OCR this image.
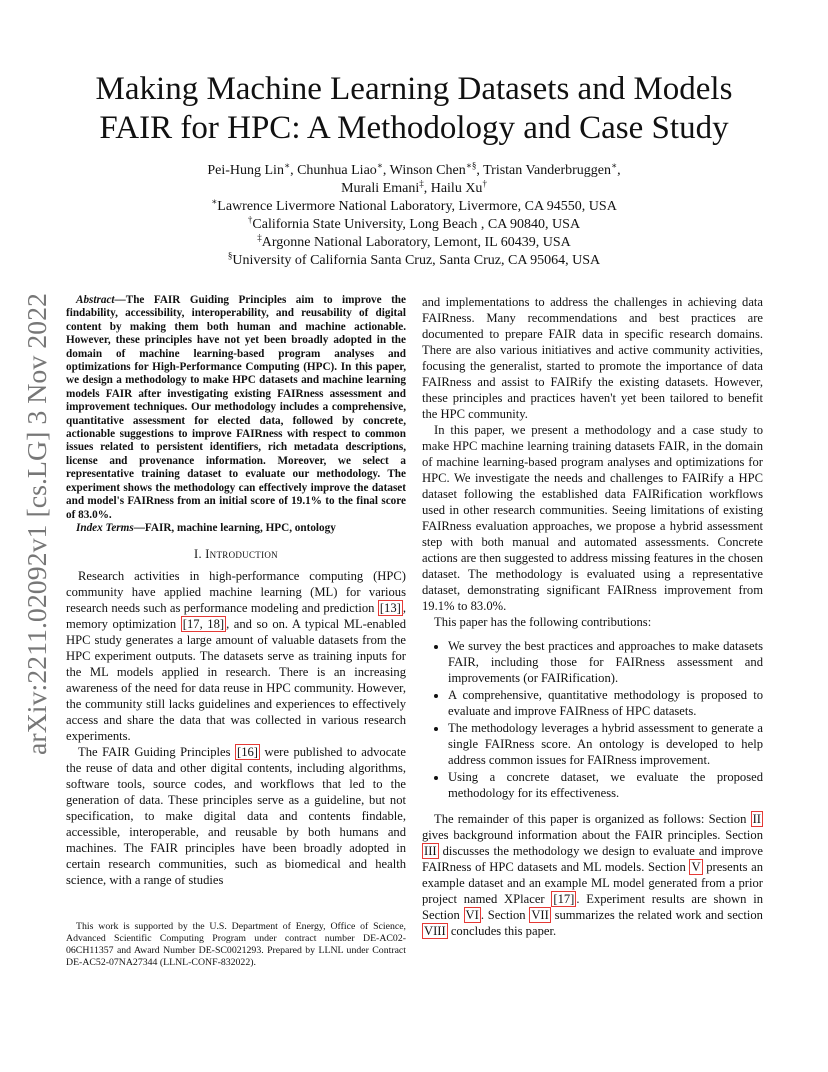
arXiv:2211.02092v1 [cs.LG] 3 Nov 2022
Making Machine Learning Datasets and Models
FAIR for HPC: A Methodology and Case Study
Pei-Hung Lin∗, Chunhua Liao∗, Winson Chen∗§, Tristan Vanderbruggen∗,
Murali Emani‡, Hailu Xu†
∗Lawrence Livermore National Laboratory, Livermore, CA 94550, USA
†California State University, Long Beach , CA 90840, USA
‡Argonne National Laboratory, Lemont, IL 60439, USA
§University of California Santa Cruz, Santa Cruz, CA 95064, USA

Abstract—The FAIR Guiding Principles aim to improve the findability, accessibility, interoperability, and reusability of digital content by making them both human and machine actionable. However, these principles have not yet been broadly adopted in the domain of machine learning-based program analyses and optimizations for High-Performance Computing (HPC). In this paper, we design a methodology to make HPC datasets and machine learning models FAIR after investigating existing FAIRness assessment and improvement techniques. Our methodology includes a comprehensive, quantitative assessment for elected data, followed by concrete, actionable suggestions to improve FAIRness with respect to common issues related to persistent identifiers, rich metadata descriptions, license and provenance information. Moreover, we select a representative training dataset to evaluate our methodology. The experiment shows the methodology can effectively improve the dataset and model's FAIRness from an initial score of 19.1% to the final score of 83.0%.

Index Terms—FAIR, machine learning, HPC, ontology

I. Introduction

Research activities in high-performance computing (HPC) community have applied machine learning (ML) for various research needs such as performance modeling and prediction [13] , memory optimization [17, 18] , and so on. A typical ML-enabled HPC study generates a large amount of valuable datasets from the HPC experiment outputs. The datasets serve as training inputs for the ML models applied in research. There is an increasing awareness of the need for data reuse in HPC community. However, the community still lacks guidelines and experiences to effectively access and share the data that was collected in various research experiments.

The FAIR Guiding Principles [16] were published to advocate the reuse of data and other digital contents, including algorithms, software tools, source codes, and workflows that led to the generation of data. These principles serve as a guideline, but not specification, to make digital data and contents findable, accessible, interoperable, and reusable by both humans and machines. The FAIR principles have been broadly adopted in certain research communities, such as biomedical and health science, with a range of studies

This work is supported by the U.S. Department of Energy, Office of Science, Advanced Scientific Computing Program under contract number DE-AC02-06CH11357 and Award Number DE-SC0021293. Prepared by LLNL under Contract DE-AC52-07NA27344 (LLNL-CONF-832022).

and implementations to address the challenges in achieving data FAIRness. Many recommendations and best practices are documented to prepare FAIR data in specific research domains. There are also various initiatives and active community activities, focusing the generalist, started to promote the importance of data FAIRness and assist to FAIRify the existing datasets. However, these principles and practices haven't yet been tailored to benefit the HPC community.

In this paper, we present a methodology and a case study to make HPC machine learning training datasets FAIR, in the domain of machine learning-based program analyses and optimizations for HPC. We investigate the needs and challenges to FAIRify a HPC dataset following the established data FAIRification workflows used in other research communities. Seeing limitations of existing FAIRness evaluation approaches, we propose a hybrid assessment step with both manual and automated assessments. Concrete actions are then suggested to address missing features in the chosen dataset. The methodology is evaluated using a representative dataset, demonstrating significant FAIRness improvement from 19.1% to 83.0%.

This paper has the following contributions:

• We survey the best practices and approaches to make datasets FAIR, including those for FAIRness assessment and improvements (or FAIRification).
• A comprehensive, quantitative methodology is proposed to evaluate and improve FAIRness of HPC datasets.
• The methodology leverages a hybrid assessment to generate a single FAIRness score. An ontology is developed to help address common issues for FAIRness improvement.
• Using a concrete dataset, we evaluate the proposed methodology for its effectiveness.

The remainder of this paper is organized as follows: Section II gives background information about the FAIR principles. Section III discusses the methodology we design to evaluate and improve FAIRness of HPC datasets and ML models. Section V presents an example dataset and an example ML model generated from a prior project named XPlacer [17] . Experiment results are shown in Section VI . Section VII summarizes the related work and section VIII concludes this paper.
